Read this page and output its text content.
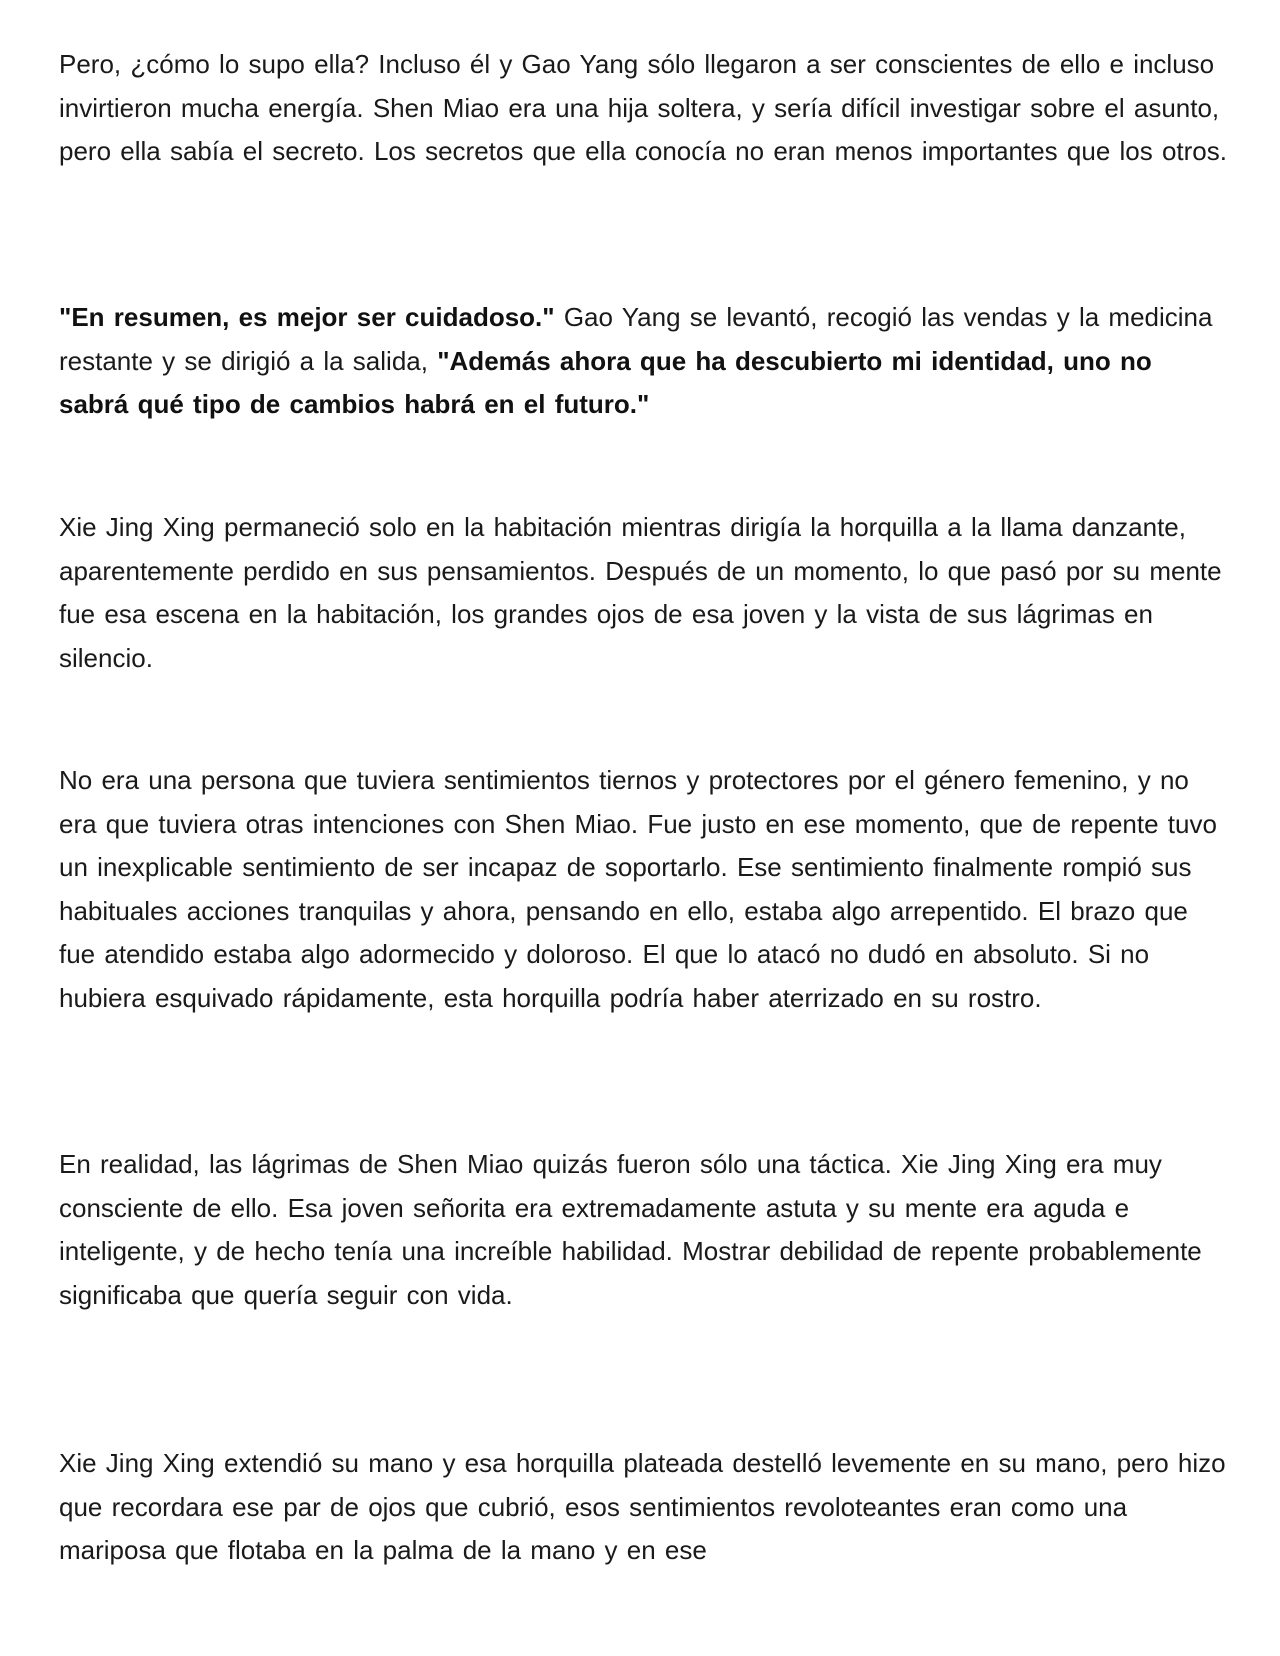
Pero, ¿cómo lo supo ella? Incluso él y Gao Yang sólo llegaron a ser conscientes de ello e incluso invirtieron mucha energía. Shen Miao era una hija soltera, y sería difícil investigar sobre el asunto, pero ella sabía el secreto. Los secretos que ella conocía no eran menos importantes que los otros.

"En resumen, es mejor ser cuidadoso." Gao Yang se levantó, recogió las vendas y la medicina restante y se dirigió a la salida, "Además ahora que ha descubierto mi identidad, uno no sabrá qué tipo de cambios habrá en el futuro."

Xie Jing Xing permaneció solo en la habitación mientras dirigía la horquilla a la llama danzante, aparentemente perdido en sus pensamientos. Después de un momento, lo que pasó por su mente fue esa escena en la habitación, los grandes ojos de esa joven y la vista de sus lágrimas en silencio.

No era una persona que tuviera sentimientos tiernos y protectores por el género femenino, y no era que tuviera otras intenciones con Shen Miao. Fue justo en ese momento, que de repente tuvo un inexplicable sentimiento de ser incapaz de soportarlo. Ese sentimiento finalmente rompió sus habituales acciones tranquilas y ahora, pensando en ello, estaba algo arrepentido. El brazo que fue atendido estaba algo adormecido y doloroso. El que lo atacó no dudó en absoluto. Si no hubiera esquivado rápidamente, esta horquilla podría haber aterrizado en su rostro.

En realidad, las lágrimas de Shen Miao quizás fueron sólo una táctica. Xie Jing Xing era muy consciente de ello. Esa joven señorita era extremadamente astuta y su mente era aguda e inteligente, y de hecho tenía una increíble habilidad. Mostrar debilidad de repente probablemente significaba que quería seguir con vida.

Xie Jing Xing extendió su mano y esa horquilla plateada destelló levemente en su mano, pero hizo que recordara ese par de ojos que cubrió, esos sentimientos revoloteantes eran como una mariposa que flotaba en la palma de la mano y en ese
